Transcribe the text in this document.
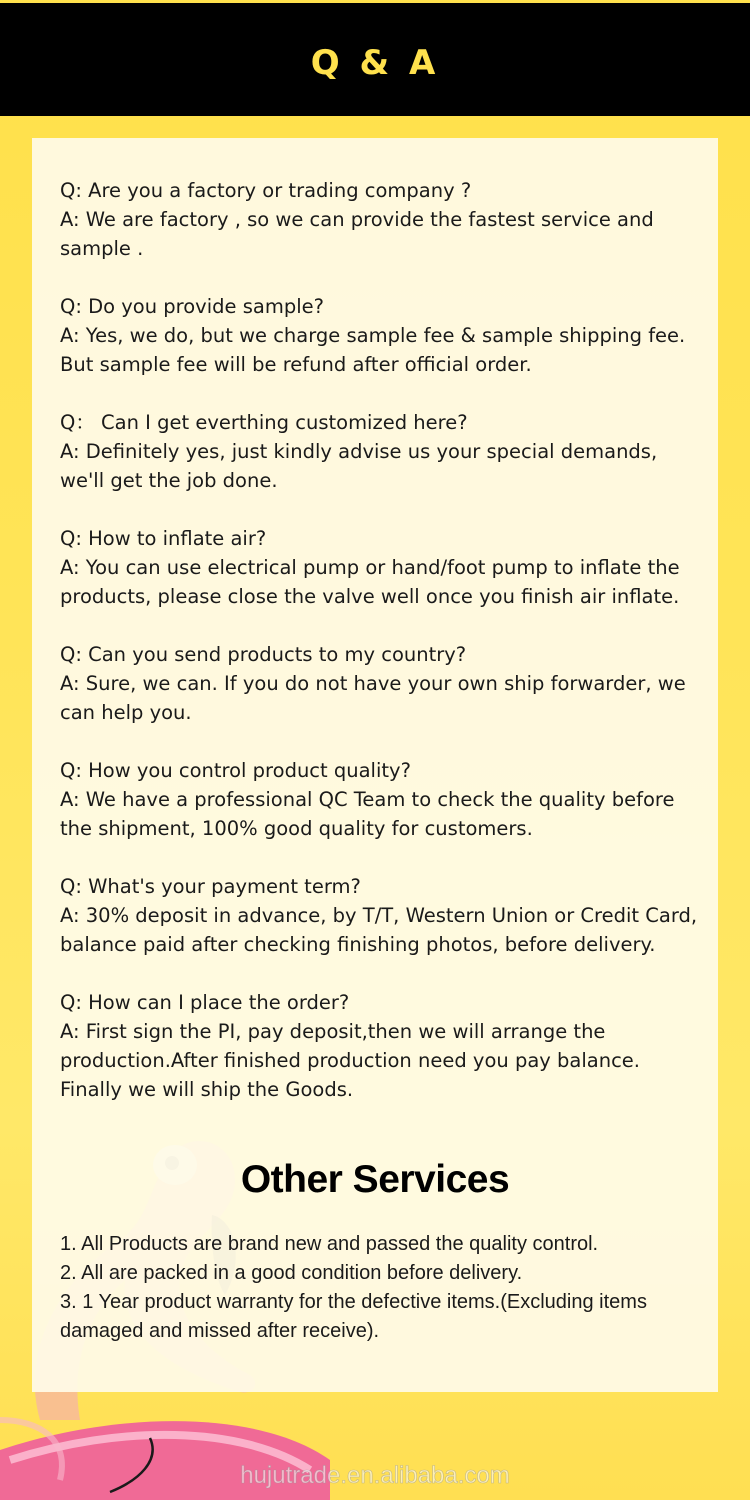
Q & A

Q: Are you a factory or trading company ?

A: We are factory , so we can provide the fastest service and sample .

Q: Do you provide sample?

A: Yes, we do, but we charge sample fee & sample shipping fee. But sample fee will be refund after official order.

Q： Can I get everthing customized here?

A: Definitely yes, just kindly advise us your special demands, we'll get the job done.

Q: How to inflate air?

A: You can use electrical pump or hand/foot pump to inflate the products, please close the valve well once you finish air inflate.

Q: Can you send products to my country?

A: Sure, we can. If you do not have your own ship forwarder, we can help you.

Q: How you control product quality?

A: We have a professional QC Team to check the quality before the shipment, 100% good quality for customers.

Q: What's your payment term?

A: 30% deposit in advance, by T/T, Western Union or Credit Card, balance paid after checking finishing photos, before delivery.

Q: How can I place the order?

A: First sign the PI, pay deposit,then we will arrange the production.After finished production need you pay balance. Finally we will ship the Goods.

Other Services

1. All Products are brand new and passed the quality control.

2. All are packed in a good condition before delivery.

3. 1 Year product warranty for the defective items.(Excluding items damaged and missed after receive).

hujutrade.en.alibaba.com
